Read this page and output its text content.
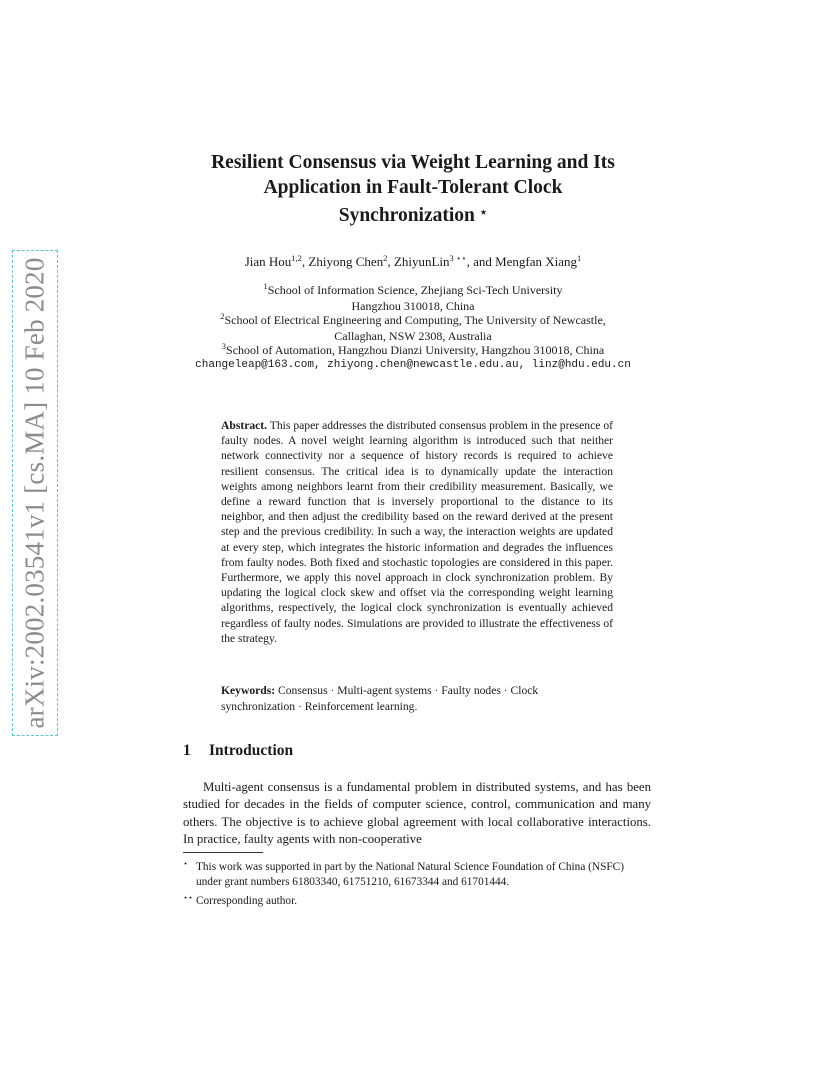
arXiv:2002.03541v1 [cs.MA] 10 Feb 2020
Resilient Consensus via Weight Learning and Its
Application in Fault-Tolerant Clock
Synchronization ⋆
Jian Hou$^{1,2}$, Zhiyong Chen$^2$, ZhiyunLin$^{3 ⋆⋆}$, and Mengfan Xiang$^1$
$^1$School of Information Science, Zhejiang Sci-Tech University
Hangzhou 310018, China
$^2$School of Electrical Engineering and Computing, The University of Newcastle,
Callaghan, NSW 2308, Australia
$^3$School of Automation, Hangzhou Dianzi University, Hangzhou 310018, China
changeleap@163.com, zhiyong.chen@newcastle.edu.au, linz@hdu.edu.cn
Abstract. This paper addresses the distributed consensus problem in the presence of faulty nodes. A novel weight learning algorithm is introduced such that neither network connectivity nor a sequence of history records is required to achieve resilient consensus. The critical idea is to dynamically update the interaction weights among neighbors learnt from their credibility measurement. Basically, we define a reward function that is inversely proportional to the distance to its neighbor, and then adjust the credibility based on the reward derived at the present step and the previous credibility. In such a way, the interaction weights are updated at every step, which integrates the historic information and degrades the influences from faulty nodes. Both fixed and stochastic topologies are considered in this paper. Furthermore, we apply this novel approach in clock synchronization problem. By updating the logical clock skew and offset via the corresponding weight learning algorithms, respectively, the logical clock synchronization is eventually achieved regardless of faulty nodes. Simulations are provided to illustrate the effectiveness of the strategy.
Keywords: Consensus · Multi-agent systems · Faulty nodes · Clock synchronization · Reinforcement learning.
1 Introduction

Multi-agent consensus is a fundamental problem in distributed systems, and has been studied for decades in the fields of computer science, control, communication and many others. The objective is to achieve global agreement with local collaborative interactions. In practice, faulty agents with non-cooperative

⋆ This work was supported in part by the National Natural Science Foundation of China (NSFC) under grant numbers 61803340, 61751210, 61673344 and 61701444.
⋆⋆ Corresponding author.
